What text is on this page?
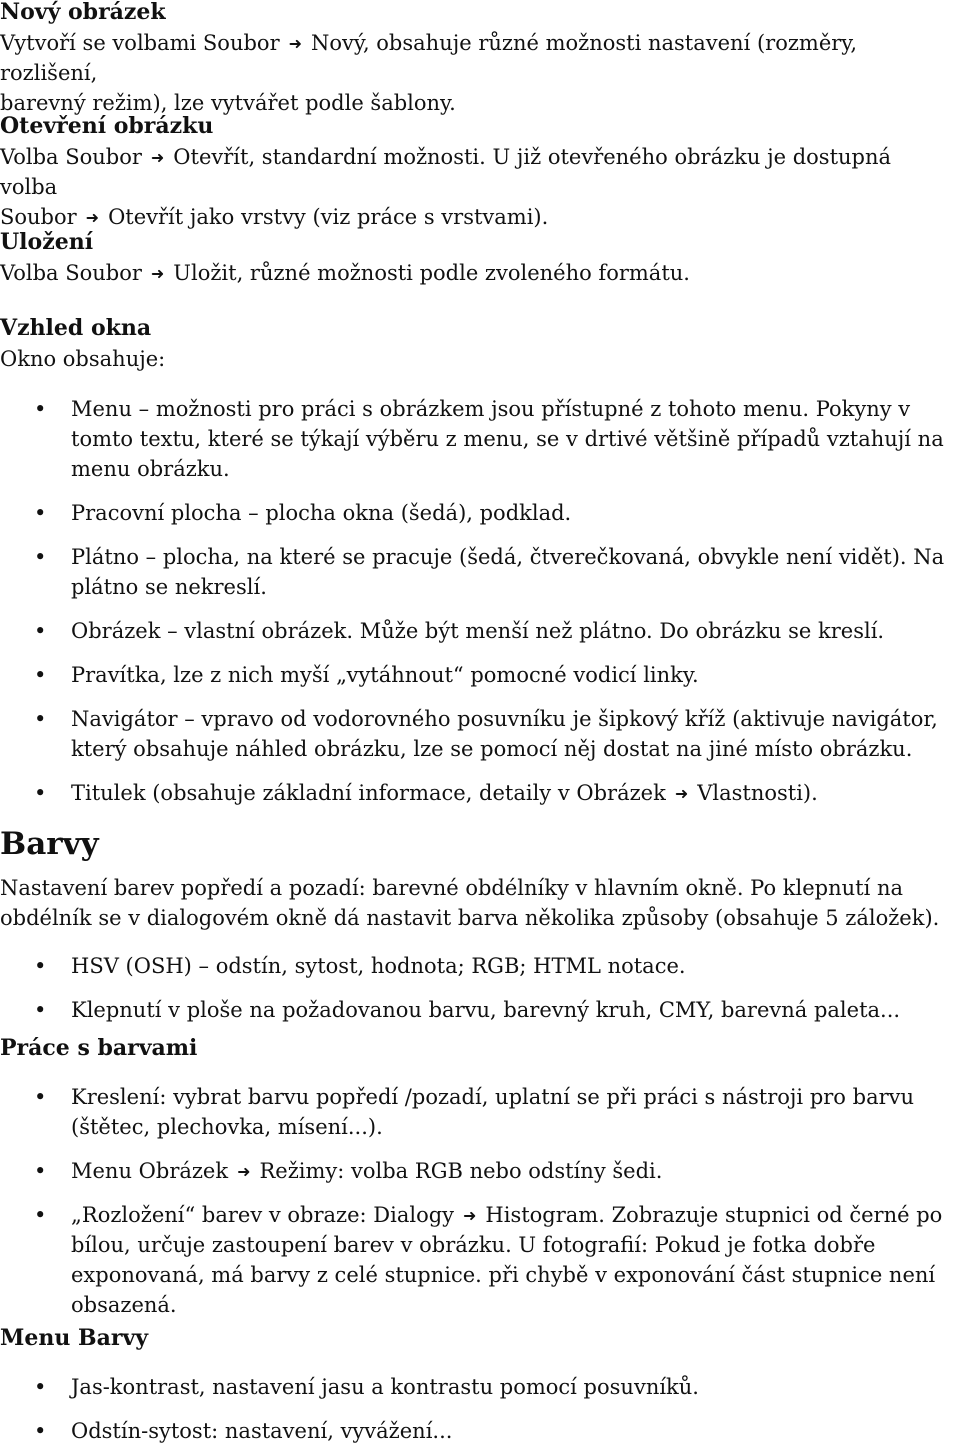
Nový obrázek
Vytvoří se volbami Soubor ➜ Nový, obsahuje různé možnosti nastavení (rozměry, rozlišení,
barevný režim), lze vytvářet podle šablony.
Otevření obrázku
Volba Soubor ➜ Otevřít, standardní možnosti. U již otevřeného obrázku je dostupná volba
Soubor ➜ Otevřít jako vrstvy (viz práce s vrstvami).
Uložení
Volba Soubor ➜ Uložit, různé možnosti podle zvoleného formátu.
Vzhled okna
Okno obsahuje:
• Menu – možnosti pro práci s obrázkem jsou přístupné z tohoto menu. Pokyny v tomto textu, které se týkají výběru z menu, se v drtivé většině případů vztahují na menu obrázku.
• Pracovní plocha – plocha okna (šedá), podklad.
• Plátno – plocha, na které se pracuje (šedá, čtverečkovaná, obvykle není vidět). Na plátno se nekreslí.
• Obrázek – vlastní obrázek. Může být menší než plátno. Do obrázku se kreslí.
• Pravítka, lze z nich myší „vytáhnout“ pomocné vodicí linky.
• Navigátor – vpravo od vodorovného posuvníku je šipkový kříž (aktivuje navigátor, který obsahuje náhled obrázku, lze se pomocí něj dostat na jiné místo obrázku.
• Titulek (obsahuje základní informace, detaily v Obrázek ➜ Vlastnosti).
Barvy
Nastavení barev popředí a pozadí: barevné obdélníky v hlavním okně. Po klepnutí na obdélník se v dialogovém okně dá nastavit barva několika způsoby (obsahuje 5 záložek).
• HSV (OSH) – odstín, sytost, hodnota; RGB; HTML notace.
• Klepnutí v ploše na požadovanou barvu, barevný kruh, CMY, barevná paleta...
Práce s barvami
• Kreslení: vybrat barvu popředí /pozadí, uplatní se při práci s nástroji pro barvu (štětec, plechovka, mísení...).
• Menu Obrázek ➜ Režimy: volba RGB nebo odstíny šedi.
• „Rozložení“ barev v obraze: Dialogy ➜ Histogram. Zobrazuje stupnici od černé po bílou, určuje zastoupení barev v obrázku. U fotografií: Pokud je fotka dobře exponovaná, má barvy z celé stupnice. při chybě v exponování část stupnice není obsazená.
Menu Barvy
• Jas-kontrast, nastavení jasu a kontrastu pomocí posuvníků.
• Odstín-sytost: nastavení, vyvážení...
